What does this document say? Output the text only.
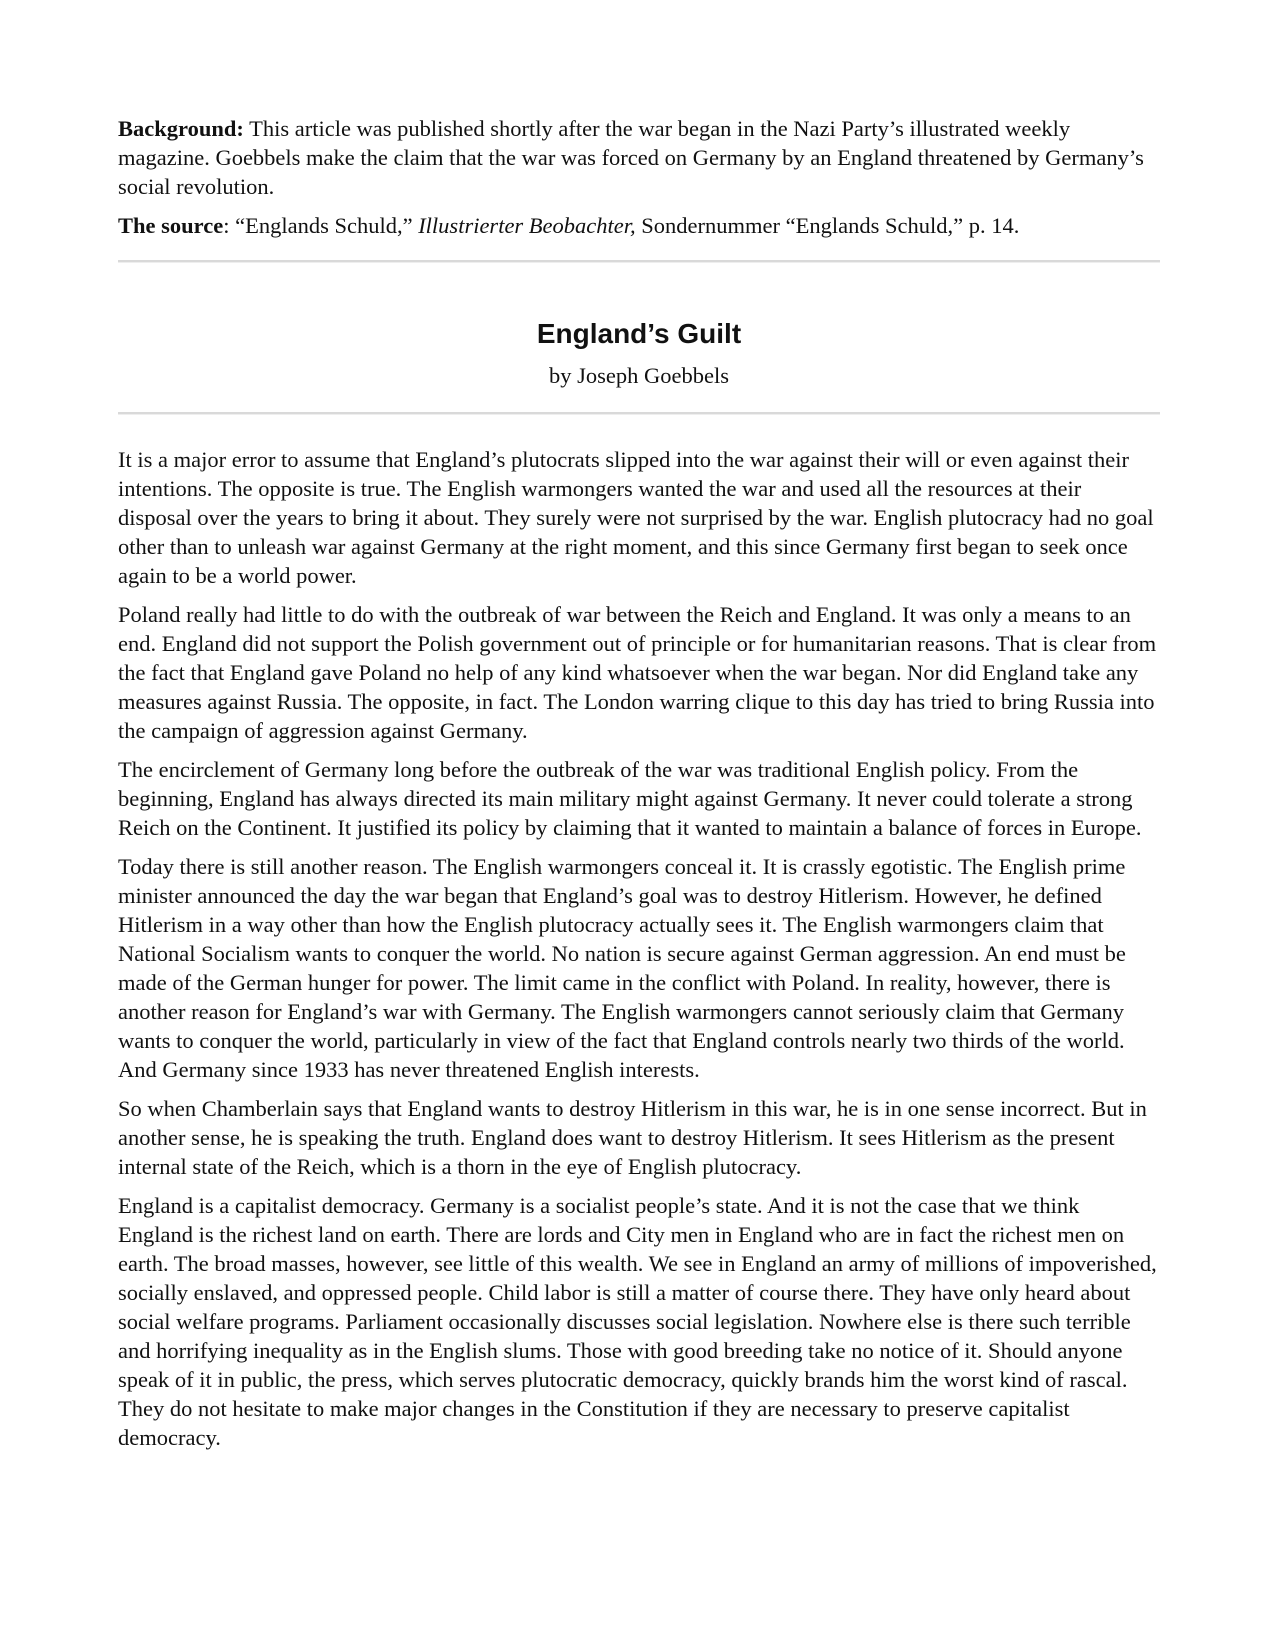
Background: This article was published shortly after the war began in the Nazi Party’s illustrated weekly magazine. Goebbels make the claim that the war was forced on Germany by an England threatened by Germany’s social revolution.

The source: “Englands Schuld,” Illustrierter Beobachter, Sondernummer “Englands Schuld,” p. 14.

England’s Guilt

by Joseph Goebbels

It is a major error to assume that England’s plutocrats slipped into the war against their will or even against their intentions. The opposite is true. The English warmongers wanted the war and used all the resources at their disposal over the years to bring it about. They surely were not surprised by the war. English plutocracy had no goal other than to unleash war against Germany at the right moment, and this since Germany first began to seek once again to be a world power.

Poland really had little to do with the outbreak of war between the Reich and England. It was only a means to an end. England did not support the Polish government out of principle or for humanitarian reasons. That is clear from the fact that England gave Poland no help of any kind whatsoever when the war began. Nor did England take any measures against Russia. The opposite, in fact. The London warring clique to this day has tried to bring Russia into the campaign of aggression against Germany.

The encirclement of Germany long before the outbreak of the war was traditional English policy. From the beginning, England has always directed its main military might against Germany. It never could tolerate a strong Reich on the Continent. It justified its policy by claiming that it wanted to maintain a balance of forces in Europe.

Today there is still another reason. The English warmongers conceal it. It is crassly egotistic. The English prime minister announced the day the war began that England’s goal was to destroy Hitlerism. However, he defined Hitlerism in a way other than how the English plutocracy actually sees it. The English warmongers claim that National Socialism wants to conquer the world. No nation is secure against German aggression. An end must be made of the German hunger for power. The limit came in the conflict with Poland. In reality, however, there is another reason for England’s war with Germany. The English warmongers cannot seriously claim that Germany wants to conquer the world, particularly in view of the fact that England controls nearly two thirds of the world. And Germany since 1933 has never threatened English interests.

So when Chamberlain says that England wants to destroy Hitlerism in this war, he is in one sense incorrect. But in another sense, he is speaking the truth. England does want to destroy Hitlerism. It sees Hitlerism as the present internal state of the Reich, which is a thorn in the eye of English plutocracy.

England is a capitalist democracy. Germany is a socialist people’s state. And it is not the case that we think England is the richest land on earth. There are lords and City men in England who are in fact the richest men on earth. The broad masses, however, see little of this wealth. We see in England an army of millions of impoverished, socially enslaved, and oppressed people. Child labor is still a matter of course there. They have only heard about social welfare programs. Parliament occasionally discusses social legislation. Nowhere else is there such terrible and horrifying inequality as in the English slums. Those with good breeding take no notice of it. Should anyone speak of it in public, the press, which serves plutocratic democracy, quickly brands him the worst kind of rascal. They do not hesitate to make major changes in the Constitution if they are necessary to preserve capitalist democracy.
